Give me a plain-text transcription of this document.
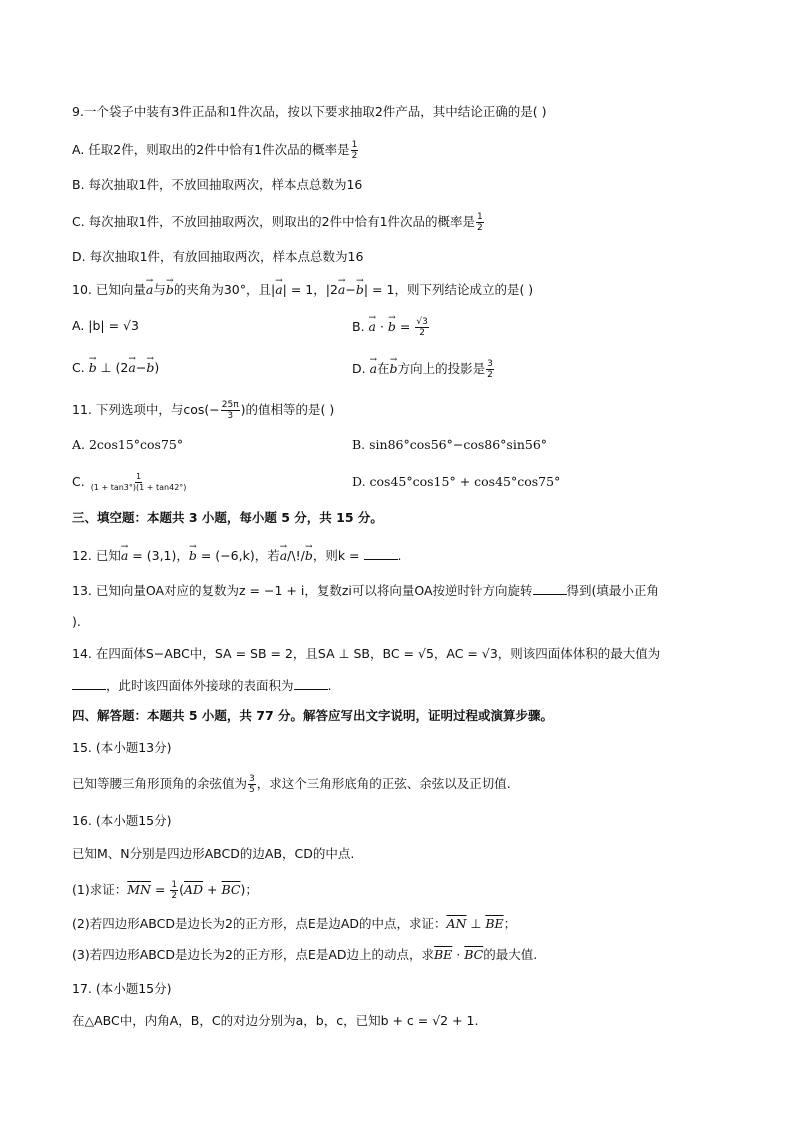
9.一个袋子中装有3件正品和1件次品，按以下要求抽取2件产品，其中结论正确的是( )
A. 任取2件，则取出的2件中恰有1件次品的概率是 $\frac{1}{2}$
B. 每次抽取1件，不放回抽取两次，样本点总数为16
C. 每次抽取1件，不放回抽取两次，则取出的2件中恰有1件次品的概率是 $\frac{1}{2}$
D. 每次抽取1件，有放回抽取两次，样本点总数为16
10. 已知向量→ a与→ b的夹角为30°，且|→ a| = 1，|2→ a−→ b| = 1，则下列结论成立的是( )
A. |b| = √3	B. → a · → $b = \frac{√3}{2}$
C. → b ⊥ (2→ a−→ b)	D. → a在→ b方向上的投影是 $\frac{3}{2}$
11. 下列选项中，与$\cos(- \frac{25\pi}{3}$ )的值相等的是( )
A. 2cos15°cos75°	B. sin86°cos56°−cos86°sin56°
C. $\frac{1}{(1 + \tan 3^\circ)(1 + \tan 42^\circ)}$	D. cos45°cos15° + cos45°cos75°
三、填空题：本题共 3 小题，每小题 5 分，共 15 分。
12. 已知→ a = (3,1)，→ b = (−6,k)，若→ a/\!/→ b，则k =	.
13. 已知向量OA对应的复数为z = −1 + i，复数zi可以将向量OA按逆时针方向旋转	得到(填最小正角
).
14. 在四面体S−ABC中，SA = SB = 2，且SA ⊥ SB，BC = √5，AC = √3，则该四面体体积的最大值为
，此时该四面体外接球的表面积为	.
四、解答题：本题共 5 小题，共 77 分。解答应写出文字说明，证明过程或演算步骤。
15. (本小题13分)
已知等腰三角形顶角的余弦值为 $\frac{3}{5}$ ，求这个三角形底角的正弦、余弦以及正切值.
16. (本小题15分)
已知M、N分别是四边形ABCD的边AB，CD的中点.
(1)求证：$\overline{MN} = \frac{1}{2} (\overline{AD} + \overline{BC})$；
(2)若四边形ABCD是边长为2的正方形，点E是边AD的中点，求证：$\overline{AN}$ ⊥ $\overline{BE}$；
(3)若四边形ABCD是边长为2的正方形，点E是AD边上的动点，求$\overline{BE} \cdot \overline{BC}$的最大值.
17. (本小题15分)
在△ABC中，内角A，B，C的对边分别为a，b，c，已知b + c = √2 + 1.
